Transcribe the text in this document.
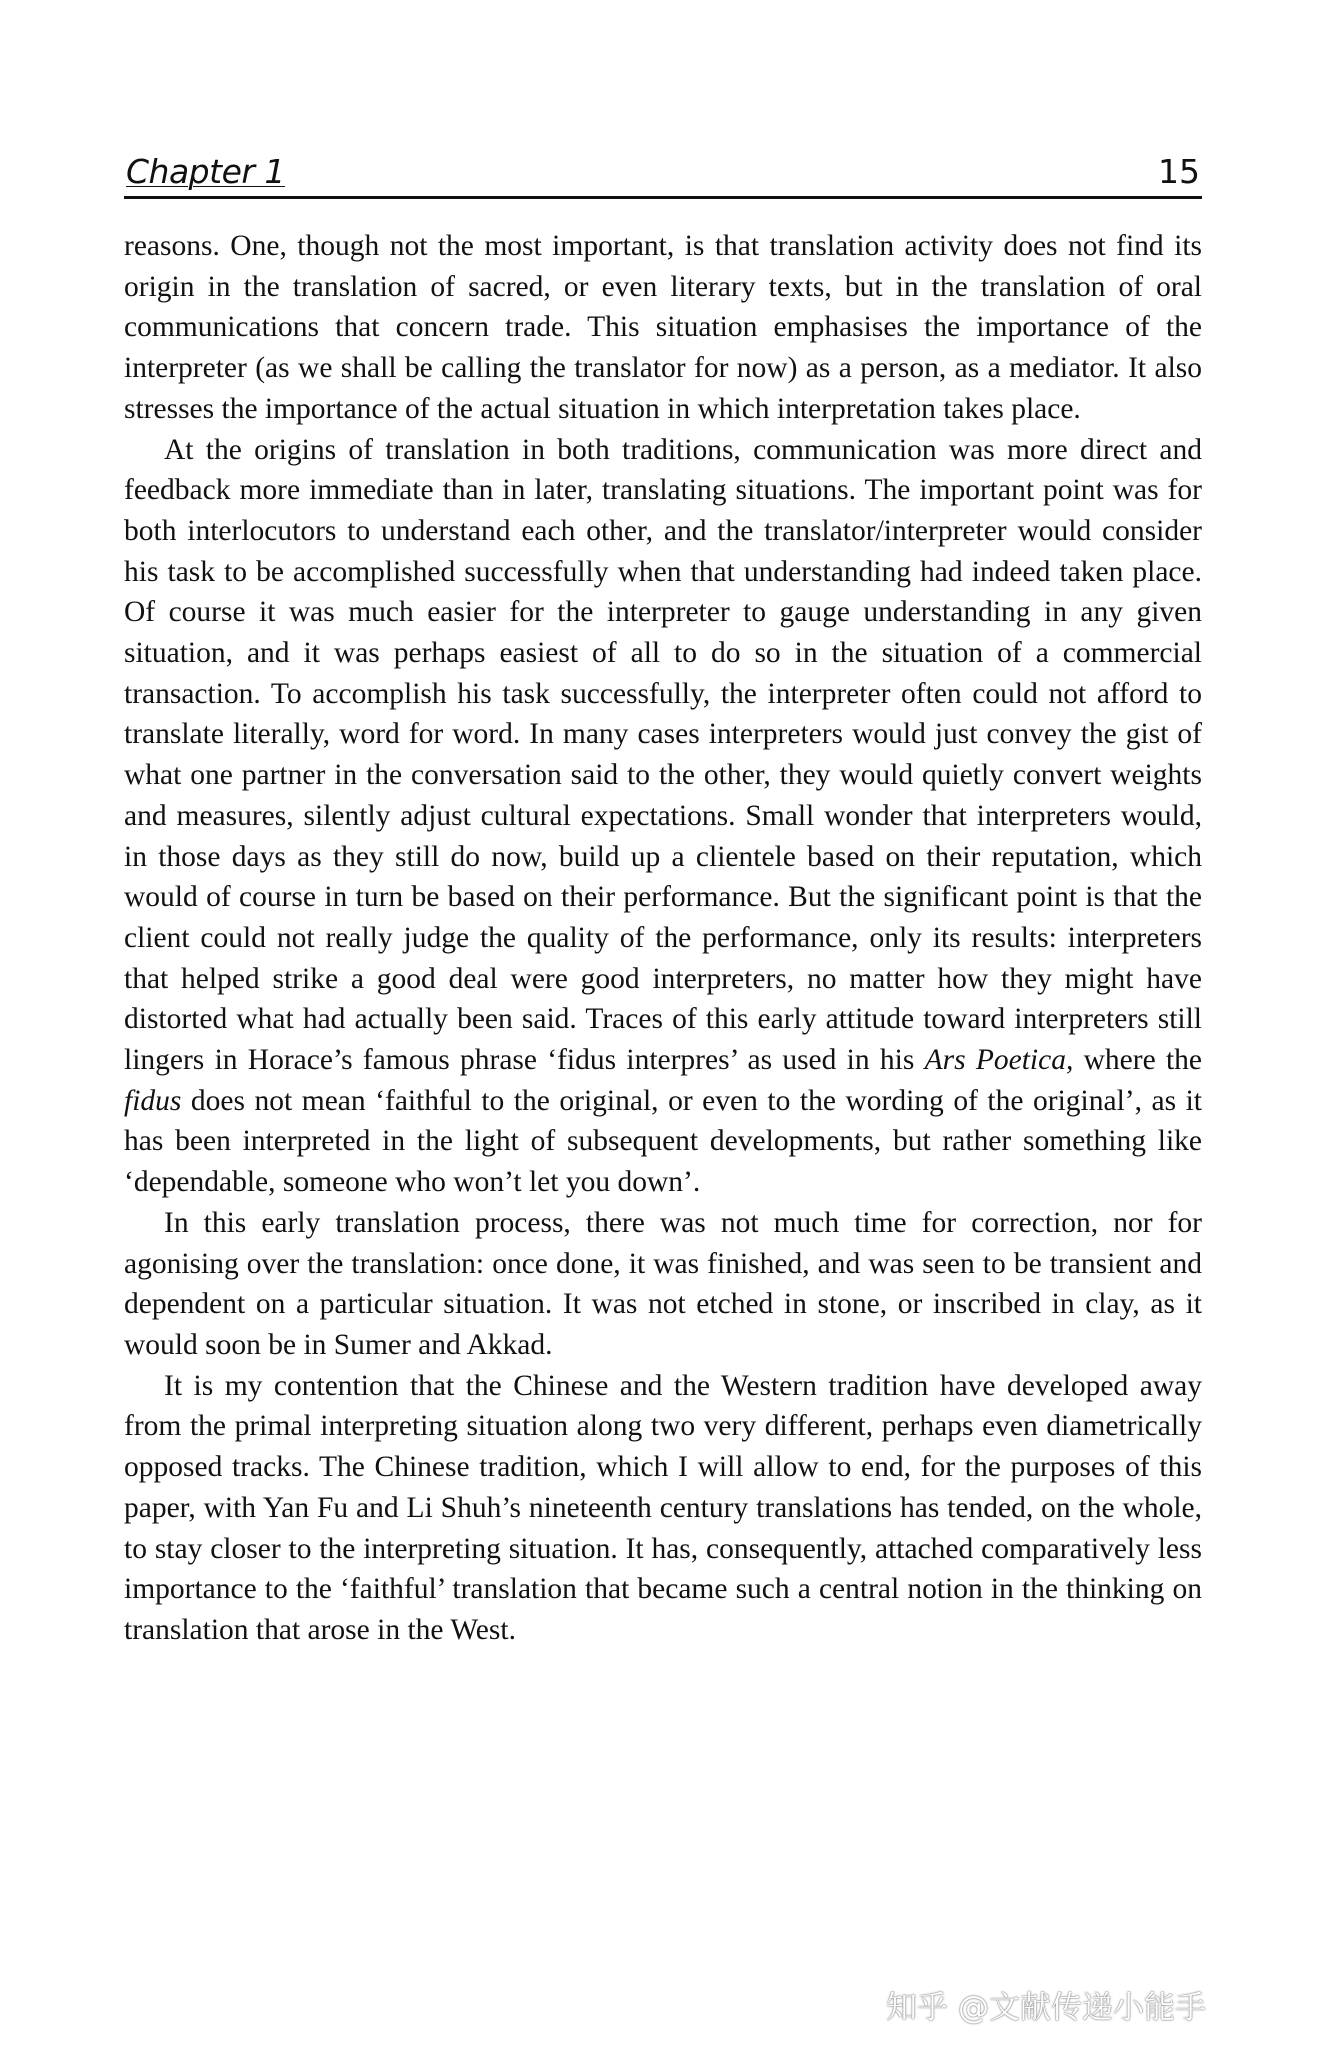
Chapter 1	15

reasons. One, though not the most important, is that translation activity does not find its origin in the translation of sacred, or even literary texts, but in the translation of oral communications that concern trade. This situation emphasises the importance of the interpreter (as we shall be calling the translator for now) as a person, as a mediator. It also stresses the importance of the actual situation in which interpretation takes place.

At the origins of translation in both traditions, communication was more direct and feedback more immediate than in later, translating situations. The important point was for both interlocutors to understand each other, and the translator/interpreter would consider his task to be accomplished successfully when that understanding had indeed taken place. Of course it was much easier for the interpreter to gauge understanding in any given situation, and it was perhaps easiest of all to do so in the situation of a commercial transaction. To accomplish his task successfully, the interpreter often could not afford to translate literally, word for word. In many cases interpreters would just convey the gist of what one partner in the conversation said to the other, they would quietly convert weights and measures, silently adjust cultural expectations. Small wonder that interpreters would, in those days as they still do now, build up a clientele based on their reputation, which would of course in turn be based on their performance. But the significant point is that the client could not really judge the quality of the performance, only its results: interpreters that helped strike a good deal were good interpreters, no matter how they might have distorted what had actually been said. Traces of this early attitude toward interpreters still lingers in Horace’s famous phrase ‘fidus interpres’ as used in his Ars Poetica, where the fidus does not mean ‘faithful to the original, or even to the wording of the original’, as it has been interpreted in the light of subsequent developments, but rather something like ‘dependable, someone who won’t let you down’.

In this early translation process, there was not much time for correction, nor for agonising over the translation: once done, it was finished, and was seen to be transient and dependent on a particular situation. It was not etched in stone, or inscribed in clay, as it would soon be in Sumer and Akkad.

It is my contention that the Chinese and the Western tradition have developed away from the primal interpreting situation along two very different, perhaps even diametrically opposed tracks. The Chinese tradition, which I will allow to end, for the purposes of this paper, with Yan Fu and Li Shuh’s nineteenth century translations has tended, on the whole, to stay closer to the interpreting situation. It has, consequently, attached comparatively less importance to the ‘faithful’ translation that became such a central notion in the thinking on translation that arose in the West.

知乎 @文献传递小能手
